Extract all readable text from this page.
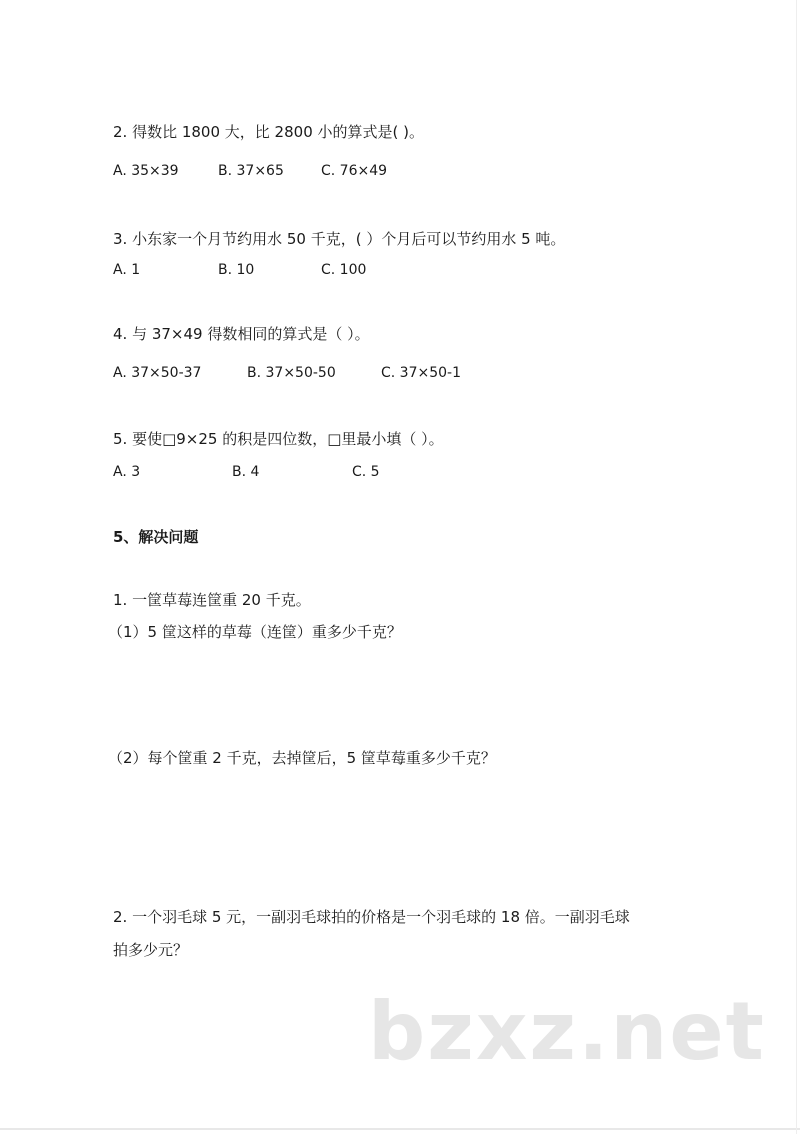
2. 得数比 1800 大，比 2800 小的算式是( )。
A. 35×39	B. 37×65	C. 76×49
3. 小东家一个月节约用水 50 千克，( ）个月后可以节约用水 5 吨。
A. 1	B. 10	C. 100
4. 与 37×49 得数相同的算式是（ ）。
A. 37×50-37	B. 37×50-50	C. 37×50-1
5. 要使□9×25 的积是四位数，□里最小填（ ）。
A. 3	B. 4	C. 5
5、解决问题
1. 一筐草莓连筐重 20 千克。
（1）5 筐这样的草莓（连筐）重多少千克？
（2）每个筐重 2 千克，去掉筐后，5 筐草莓重多少千克？
2. 一个羽毛球 5 元，一副羽毛球拍的价格是一个羽毛球的 18 倍。一副羽毛球
拍多少元？
bzxz.net
